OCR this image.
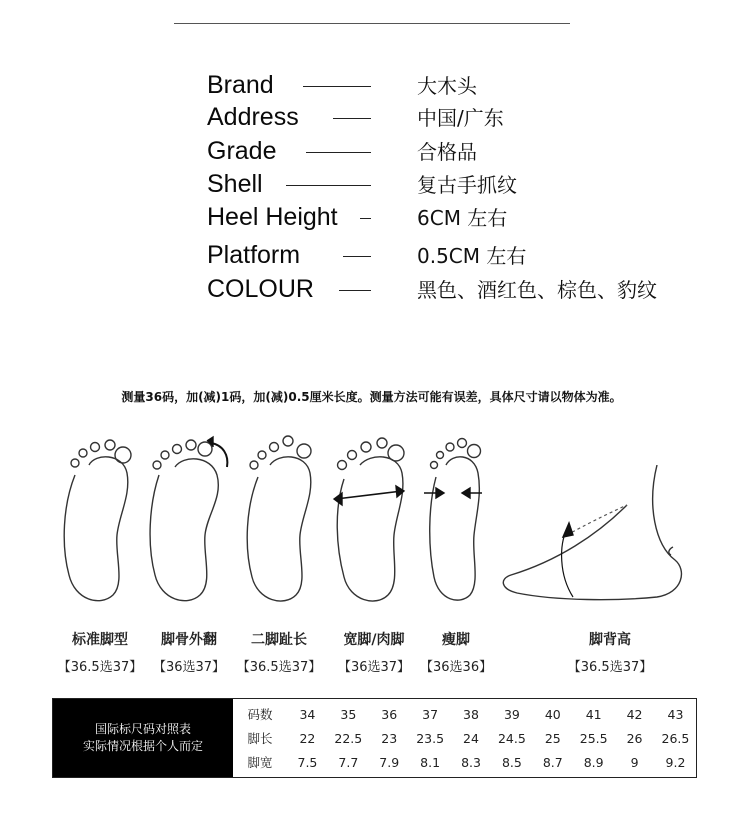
Brand	大木头
Address	中国/广东
Grade	合格品
Shell	复古手抓纹
Heel Height	6CM 左右
Platform	0.5CM 左右
COLOUR	黑色、酒红色、棕色、豹纹
测量36码，加(减)1码，加(减)0.5厘米长度。测量方法可能有误差，具体尺寸请以物体为准。
标准脚型
【36.5选37】
脚骨外翻
【36选37】
二脚趾长
【36.5选37】
宽脚/肉脚
【36选37】
瘦脚
【36选36】
脚背高
【36.5选37】
国际标尺码对照表
实际情况根据个人而定
码数	34	35	36	37	38	39	40	41	42	43
脚长	22	22.5	23	23.5	24	24.5	25	25.5	26	26.5
脚宽	7.5	7.7	7.9	8.1	8.3	8.5	8.7	8.9	9	9.2
